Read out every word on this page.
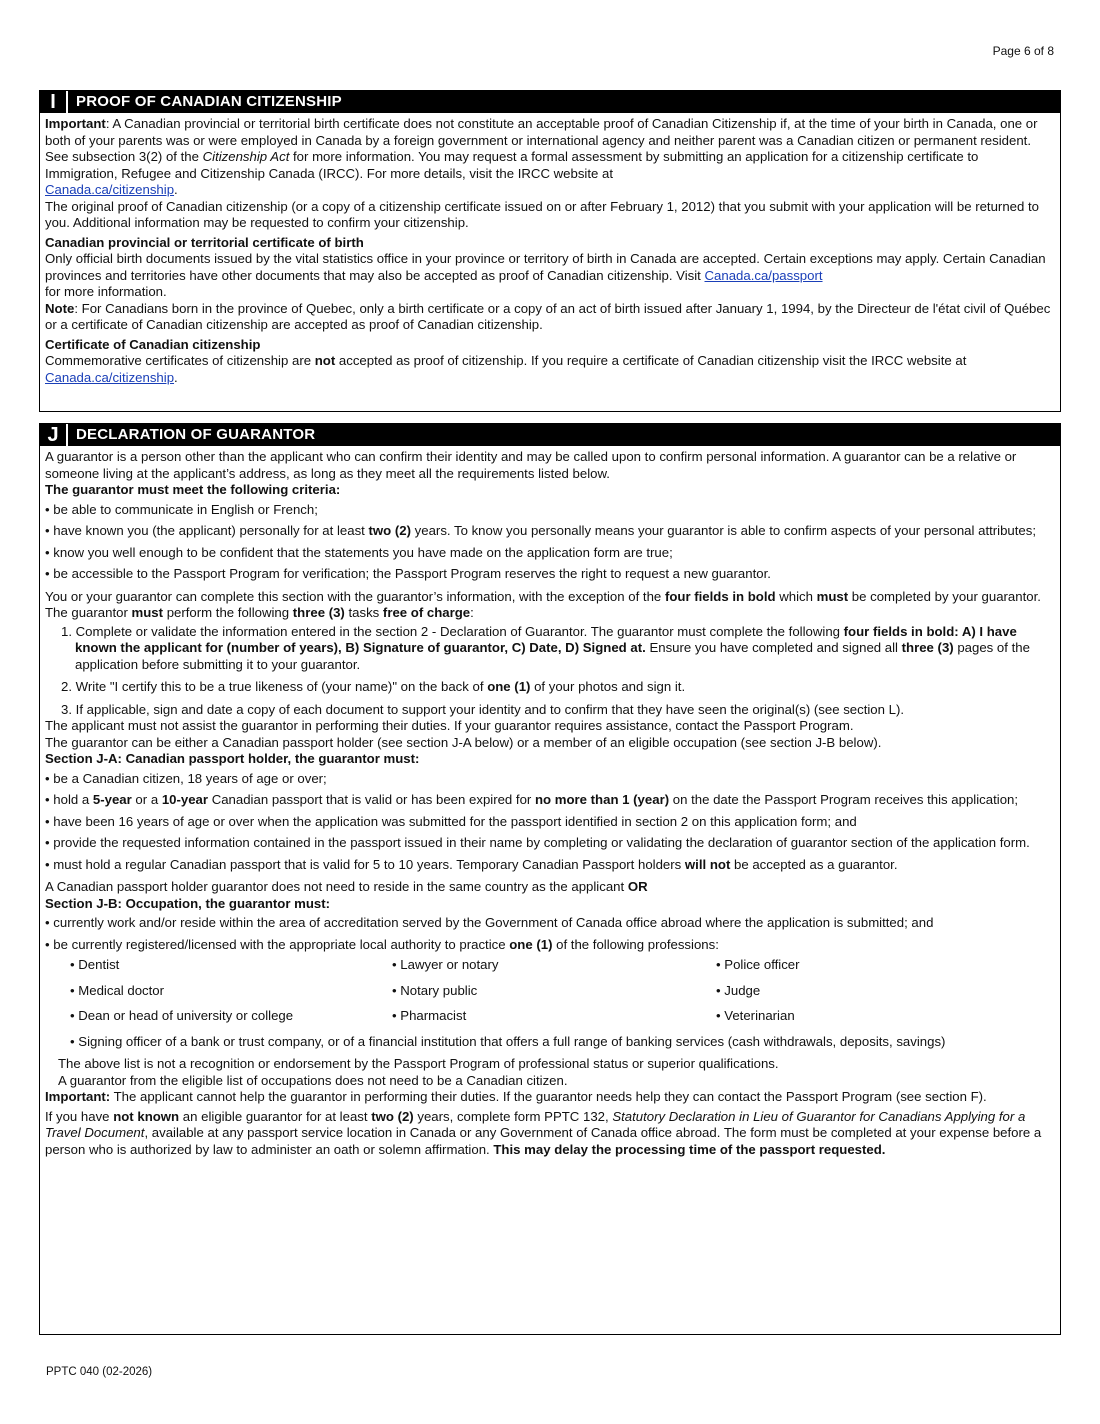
Page 6 of 8
I	PROOF OF CANADIAN CITIZENSHIP

Important: A Canadian provincial or territorial birth certificate does not constitute an acceptable proof of Canadian Citizenship if, at the time of your birth in Canada, one or both of your parents was or were employed in Canada by a foreign government or international agency and neither parent was a Canadian citizen or permanent resident. See subsection 3(2) of the Citizenship Act for more information. You may request a formal assessment by submitting an application for a citizenship certificate to Immigration, Refugee and Citizenship Canada (IRCC). For more details, visit the IRCC website at
Canada.ca/citizenship.

The original proof of Canadian citizenship (or a copy of a citizenship certificate issued on or after February 1, 2012) that you submit with your application will be returned to you. Additional information may be requested to confirm your citizenship.

Canadian provincial or territorial certificate of birth

Only official birth documents issued by the vital statistics office in your province or territory of birth in Canada are accepted. Certain exceptions may apply. Certain Canadian provinces and territories have other documents that may also be accepted as proof of Canadian citizenship. Visit Canada.ca/passport
for more information.

Note: For Canadians born in the province of Quebec, only a birth certificate or a copy of an act of birth issued after January 1, 1994, by the Directeur de l'état civil of Québec or a certificate of Canadian citizenship are accepted as proof of Canadian citizenship.

Certificate of Canadian citizenship

Commemorative certificates of citizenship are not accepted as proof of citizenship. If you require a certificate of Canadian citizenship visit the IRCC website at Canada.ca/citizenship.

J	DECLARATION OF GUARANTOR

A guarantor is a person other than the applicant who can confirm their identity and may be called upon to confirm personal information. A guarantor can be a relative or someone living at the applicant’s address, as long as they meet all the requirements listed below.

The guarantor must meet the following criteria:

• be able to communicate in English or French;

• have known you (the applicant) personally for at least two (2) years. To know you personally means your guarantor is able to confirm aspects of your personal attributes;

• know you well enough to be confident that the statements you have made on the application form are true;

• be accessible to the Passport Program for verification; the Passport Program reserves the right to request a new guarantor.

You or your guarantor can complete this section with the guarantor’s information, with the exception of the four fields in bold which must be completed by your guarantor. The guarantor must perform the following three (3) tasks free of charge:

1. Complete or validate the information entered in the section 2 - Declaration of Guarantor. The guarantor must complete the following four fields in bold: A) I have known the applicant for (number of years), B) Signature of guarantor, C) Date, D) Signed at. Ensure you have completed and signed all three (3) pages of the application before submitting it to your guarantor.

2. Write "I certify this to be a true likeness of (your name)" on the back of one (1) of your photos and sign it.

3. If applicable, sign and date a copy of each document to support your identity and to confirm that they have seen the original(s) (see section L).

The applicant must not assist the guarantor in performing their duties. If your guarantor requires assistance, contact the Passport Program.

The guarantor can be either a Canadian passport holder (see section J-A below) or a member of an eligible occupation (see section J-B below).

Section J-A: Canadian passport holder, the guarantor must:

• be a Canadian citizen, 18 years of age or over;

• hold a 5-year or a 10-year Canadian passport that is valid or has been expired for no more than 1 (year) on the date the Passport Program receives this application;

• have been 16 years of age or over when the application was submitted for the passport identified in section 2 on this application form; and

• provide the requested information contained in the passport issued in their name by completing or validating the declaration of guarantor section of the application form.

• must hold a regular Canadian passport that is valid for 5 to 10 years. Temporary Canadian Passport holders will not be accepted as a guarantor.

A Canadian passport holder guarantor does not need to reside in the same country as the applicant OR

Section J-B: Occupation, the guarantor must:

• currently work and/or reside within the area of accreditation served by the Government of Canada office abroad where the application is submitted; and

• be currently registered/licensed with the appropriate local authority to practice one (1) of the following professions:

• Dentist	• Lawyer or notary	• Police officer
• Medical doctor	• Notary public	• Judge
• Dean or head of university or college	• Pharmacist	• Veterinarian

• Signing officer of a bank or trust company, or of a financial institution that offers a full range of banking services (cash withdrawals, deposits, savings)

The above list is not a recognition or endorsement by the Passport Program of professional status or superior qualifications.

A guarantor from the eligible list of occupations does not need to be a Canadian citizen.

Important: The applicant cannot help the guarantor in performing their duties. If the guarantor needs help they can contact the Passport Program (see section F).

If you have not known an eligible guarantor for at least two (2) years, complete form PPTC 132, Statutory Declaration in Lieu of Guarantor for Canadians Applying for a Travel Document, available at any passport service location in Canada or any Government of Canada office abroad. The form must be completed at your expense before a person who is authorized by law to administer an oath or solemn affirmation. This may delay the processing time of the passport requested.

PPTC 040 (02-2026)
